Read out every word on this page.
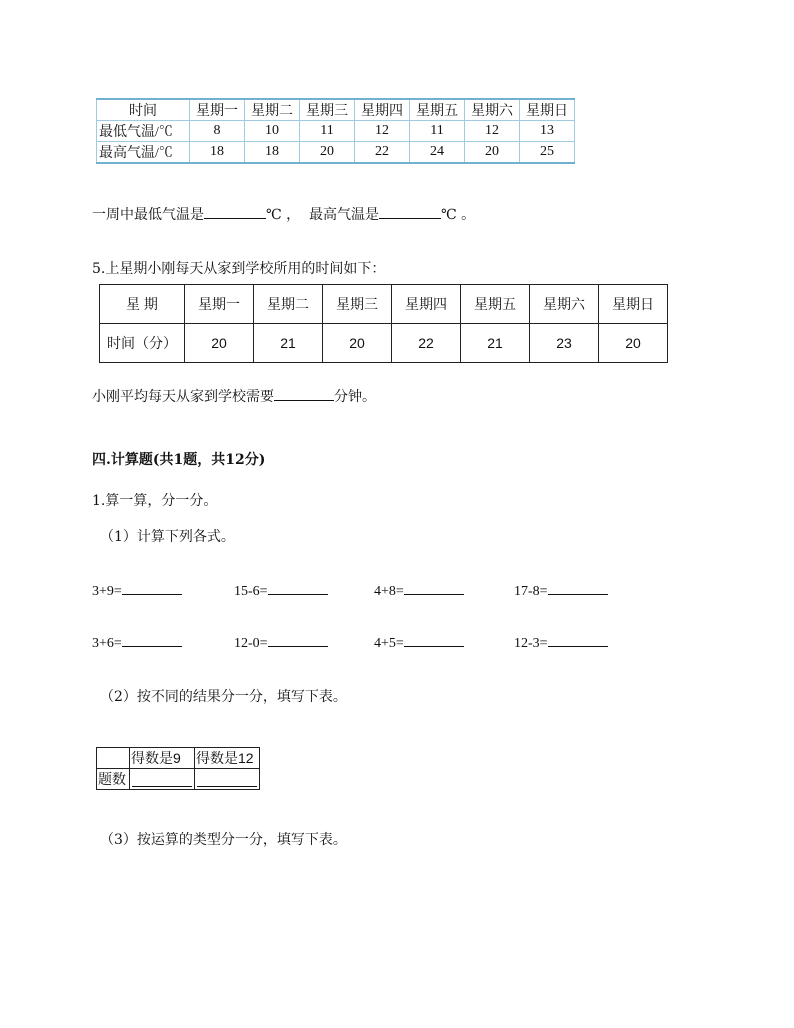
时间	星期一	星期二	星期三	星期四	星期五	星期六	星期日
最低气温/℃	8	10	11	12	11	12	13
最高气温/℃	18	18	20	22	24	20	25
一周中最低气温是	℃ ， 最高气温是	℃ 。
5.上星期小刚每天从家到学校所用的时间如下：
星 期	星期一	星期二	星期三	星期四	星期五	星期六	星期日
时间（分）	20	21	20	22	21	23	20
小刚平均每天从家到学校需要	分钟。
四.计算题(共1题，共12分)
1.算一算，分一分。
（1）计算下列各式。
3+9=	15-6=	4+8=	17-8=
3+6=	12-0=	4+5=	12-3=
（2）按不同的结果分一分，填写下表。
	得数是9	得数是12
题数	

（3）按运算的类型分一分，填写下表。
